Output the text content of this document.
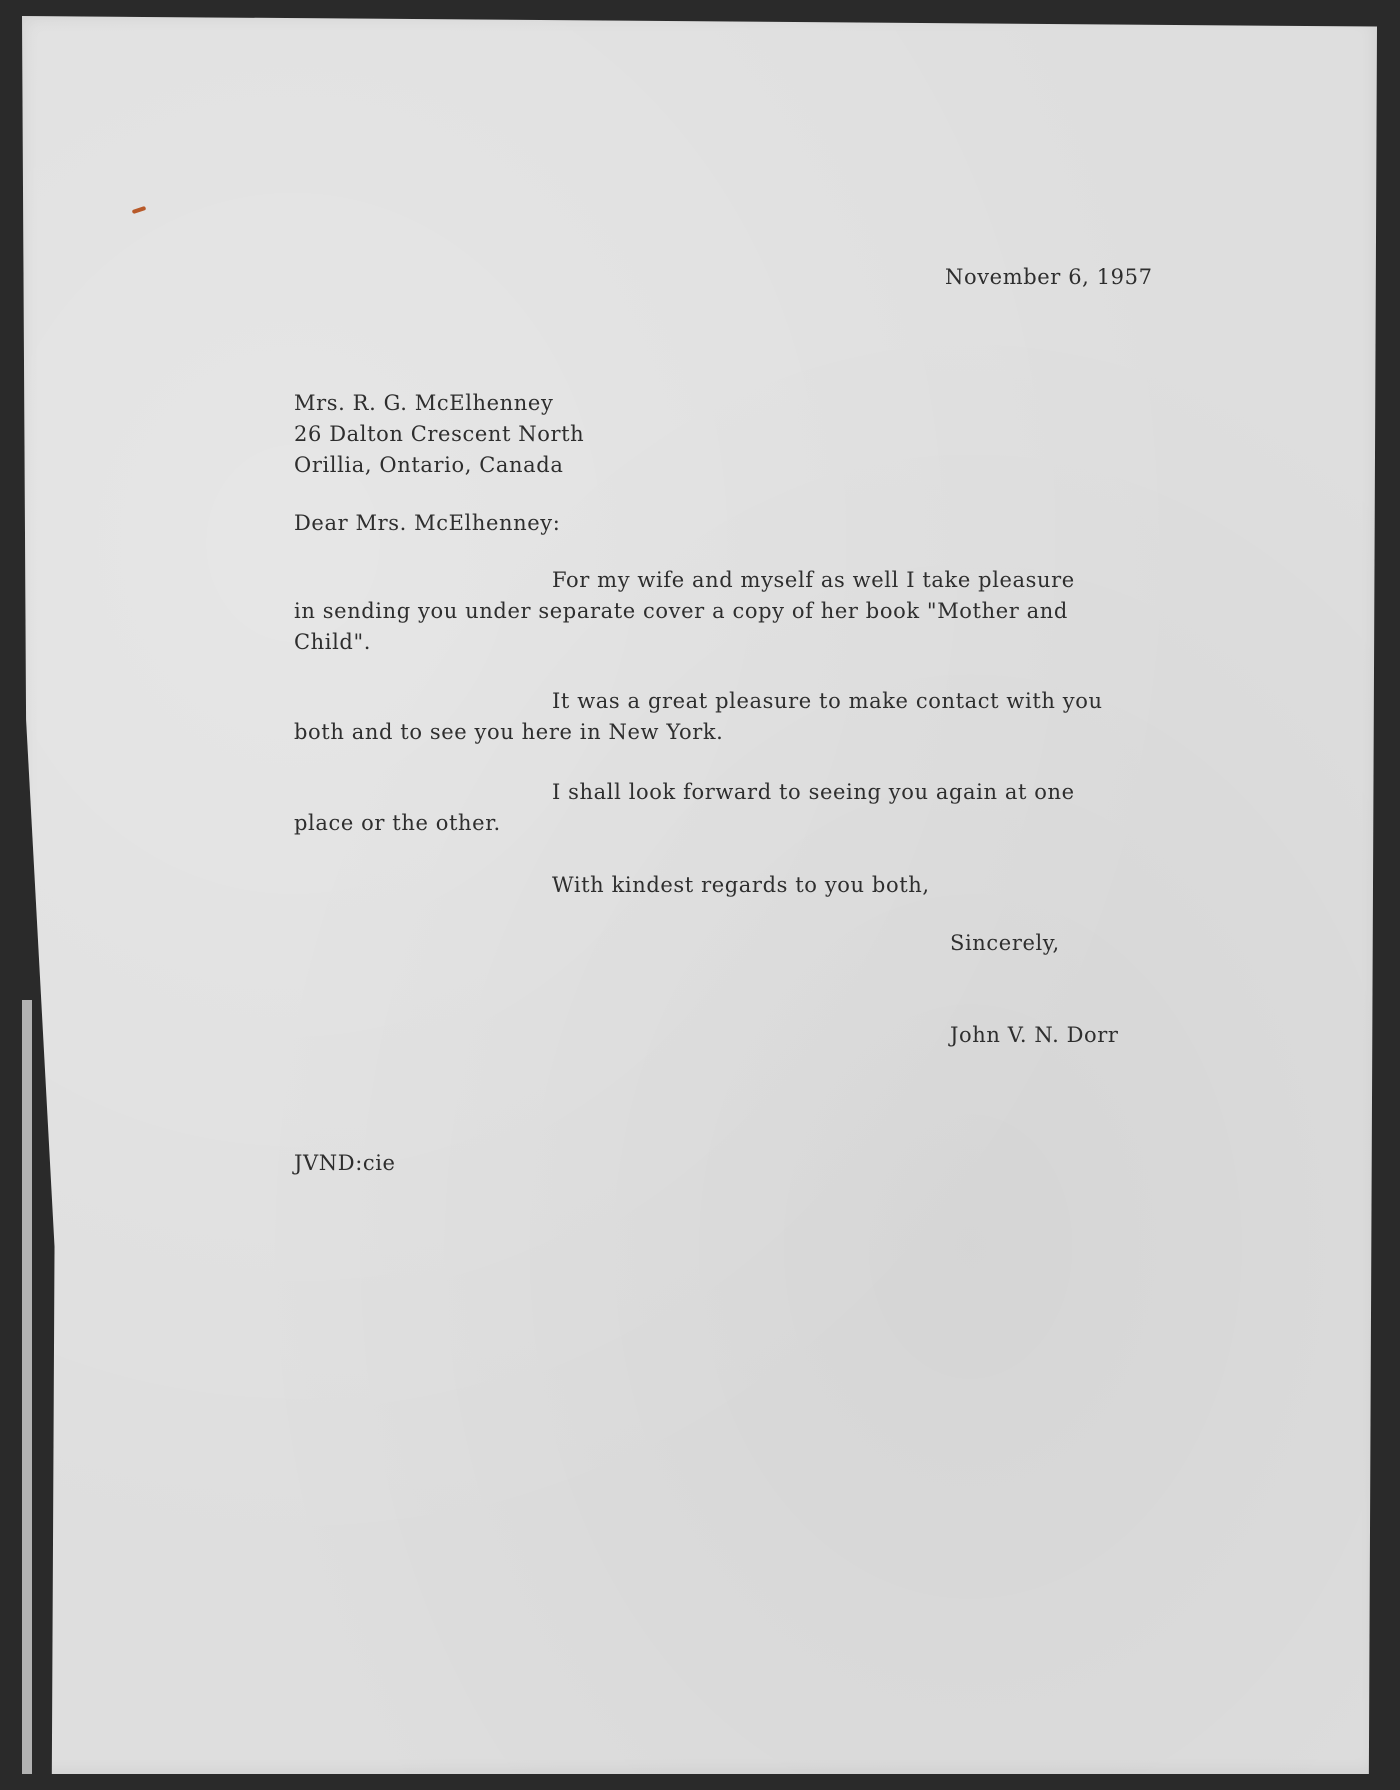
November 6, 1957
Mrs. R. G. McElhenney
26 Dalton Crescent North
Orillia, Ontario, Canada
Dear Mrs. McElhenney:
For my wife and myself as well I take pleasure
in sending you under separate cover a copy of her book "Mother and
Child".
It was a great pleasure to make contact with you
both and to see you here in New York.
I shall look forward to seeing you again at one
place or the other.
With kindest regards to you both,
Sincerely,
John V. N. Dorr
JVND:cie
